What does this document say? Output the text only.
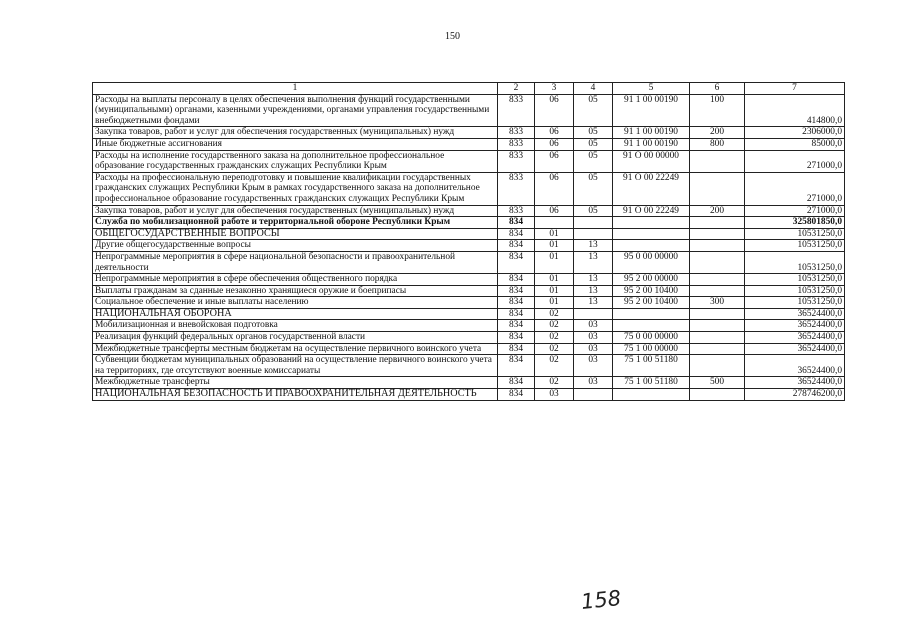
150
1	2	3	4	5	6	7
Расходы на выплаты персоналу в целях обеспечения выполнения функций государственными (муниципальными) органами, казенными учреждениями, органами управления государственными внебюджетными фондами	833	06	05	91 1 00 00190	100	414800,0
Закупка товаров, работ и услуг для обеспечения государственных (муниципальных) нужд	833	06	05	91 1 00 00190	200	2306000,0
Иные бюджетные ассигнования	833	06	05	91 1 00 00190	800	85000,0
Расходы на исполнение государственного заказа на дополнительное профессиональное образование государственных гражданских служащих Республики Крым	833	06	05	91 О 00 00000		271000,0
Расходы на профессиональную переподготовку и повышение квалификации государственных гражданских служащих Республики Крым в рамках государственного заказа на дополнительное профессиональное образование государственных гражданских служащих Республики Крым	833	06	05	91 О 00 22249		271000,0
Закупка товаров, работ и услуг для обеспечения государственных (муниципальных) нужд	833	06	05	91 О 00 22249	200	271000,0
Служба по мобилизационной работе и территориальной обороне Республики Крым	834					325801850,0
ОБЩЕГОСУДАРСТВЕННЫЕ ВОПРОСЫ	834	01				10531250,0
Другие общегосударственные вопросы	834	01	13			10531250,0
Непрограммные мероприятия в сфере национальной безопасности и правоохранительной деятельности	834	01	13	95 0 00 00000		10531250,0
Непрограммные мероприятия в сфере обеспечения общественного порядка	834	01	13	95 2 00 00000		10531250,0
Выплаты гражданам за сданные незаконно хранящиеся оружие и боеприпасы	834	01	13	95 2 00 10400		10531250,0
Социальное обеспечение и иные выплаты населению	834	01	13	95 2 00 10400	300	10531250,0
НАЦИОНАЛЬНАЯ ОБОРОНА	834	02				36524400,0
Мобилизационная и вневойсковая подготовка	834	02	03			36524400,0
Реализация функций федеральных органов государственной власти	834	02	03	75 0 00 00000		36524400,0
Межбюджетные трансферты местным бюджетам на осуществление первичного воинского учета	834	02	03	75 1 00 00000		36524400,0
Субвенции бюджетам муниципальных образований на осуществление первичного воинского учета на территориях, где отсутствуют военные комиссариаты	834	02	03	75 1 00 51180		36524400,0
Межбюджетные трансферты	834	02	03	75 1 00 51180	500	36524400,0
НАЦИОНАЛЬНАЯ БЕЗОПАСНОСТЬ И ПРАВООХРАНИТЕЛЬНАЯ ДЕЯТЕЛЬНОСТЬ	834	03				278746200,0
158
